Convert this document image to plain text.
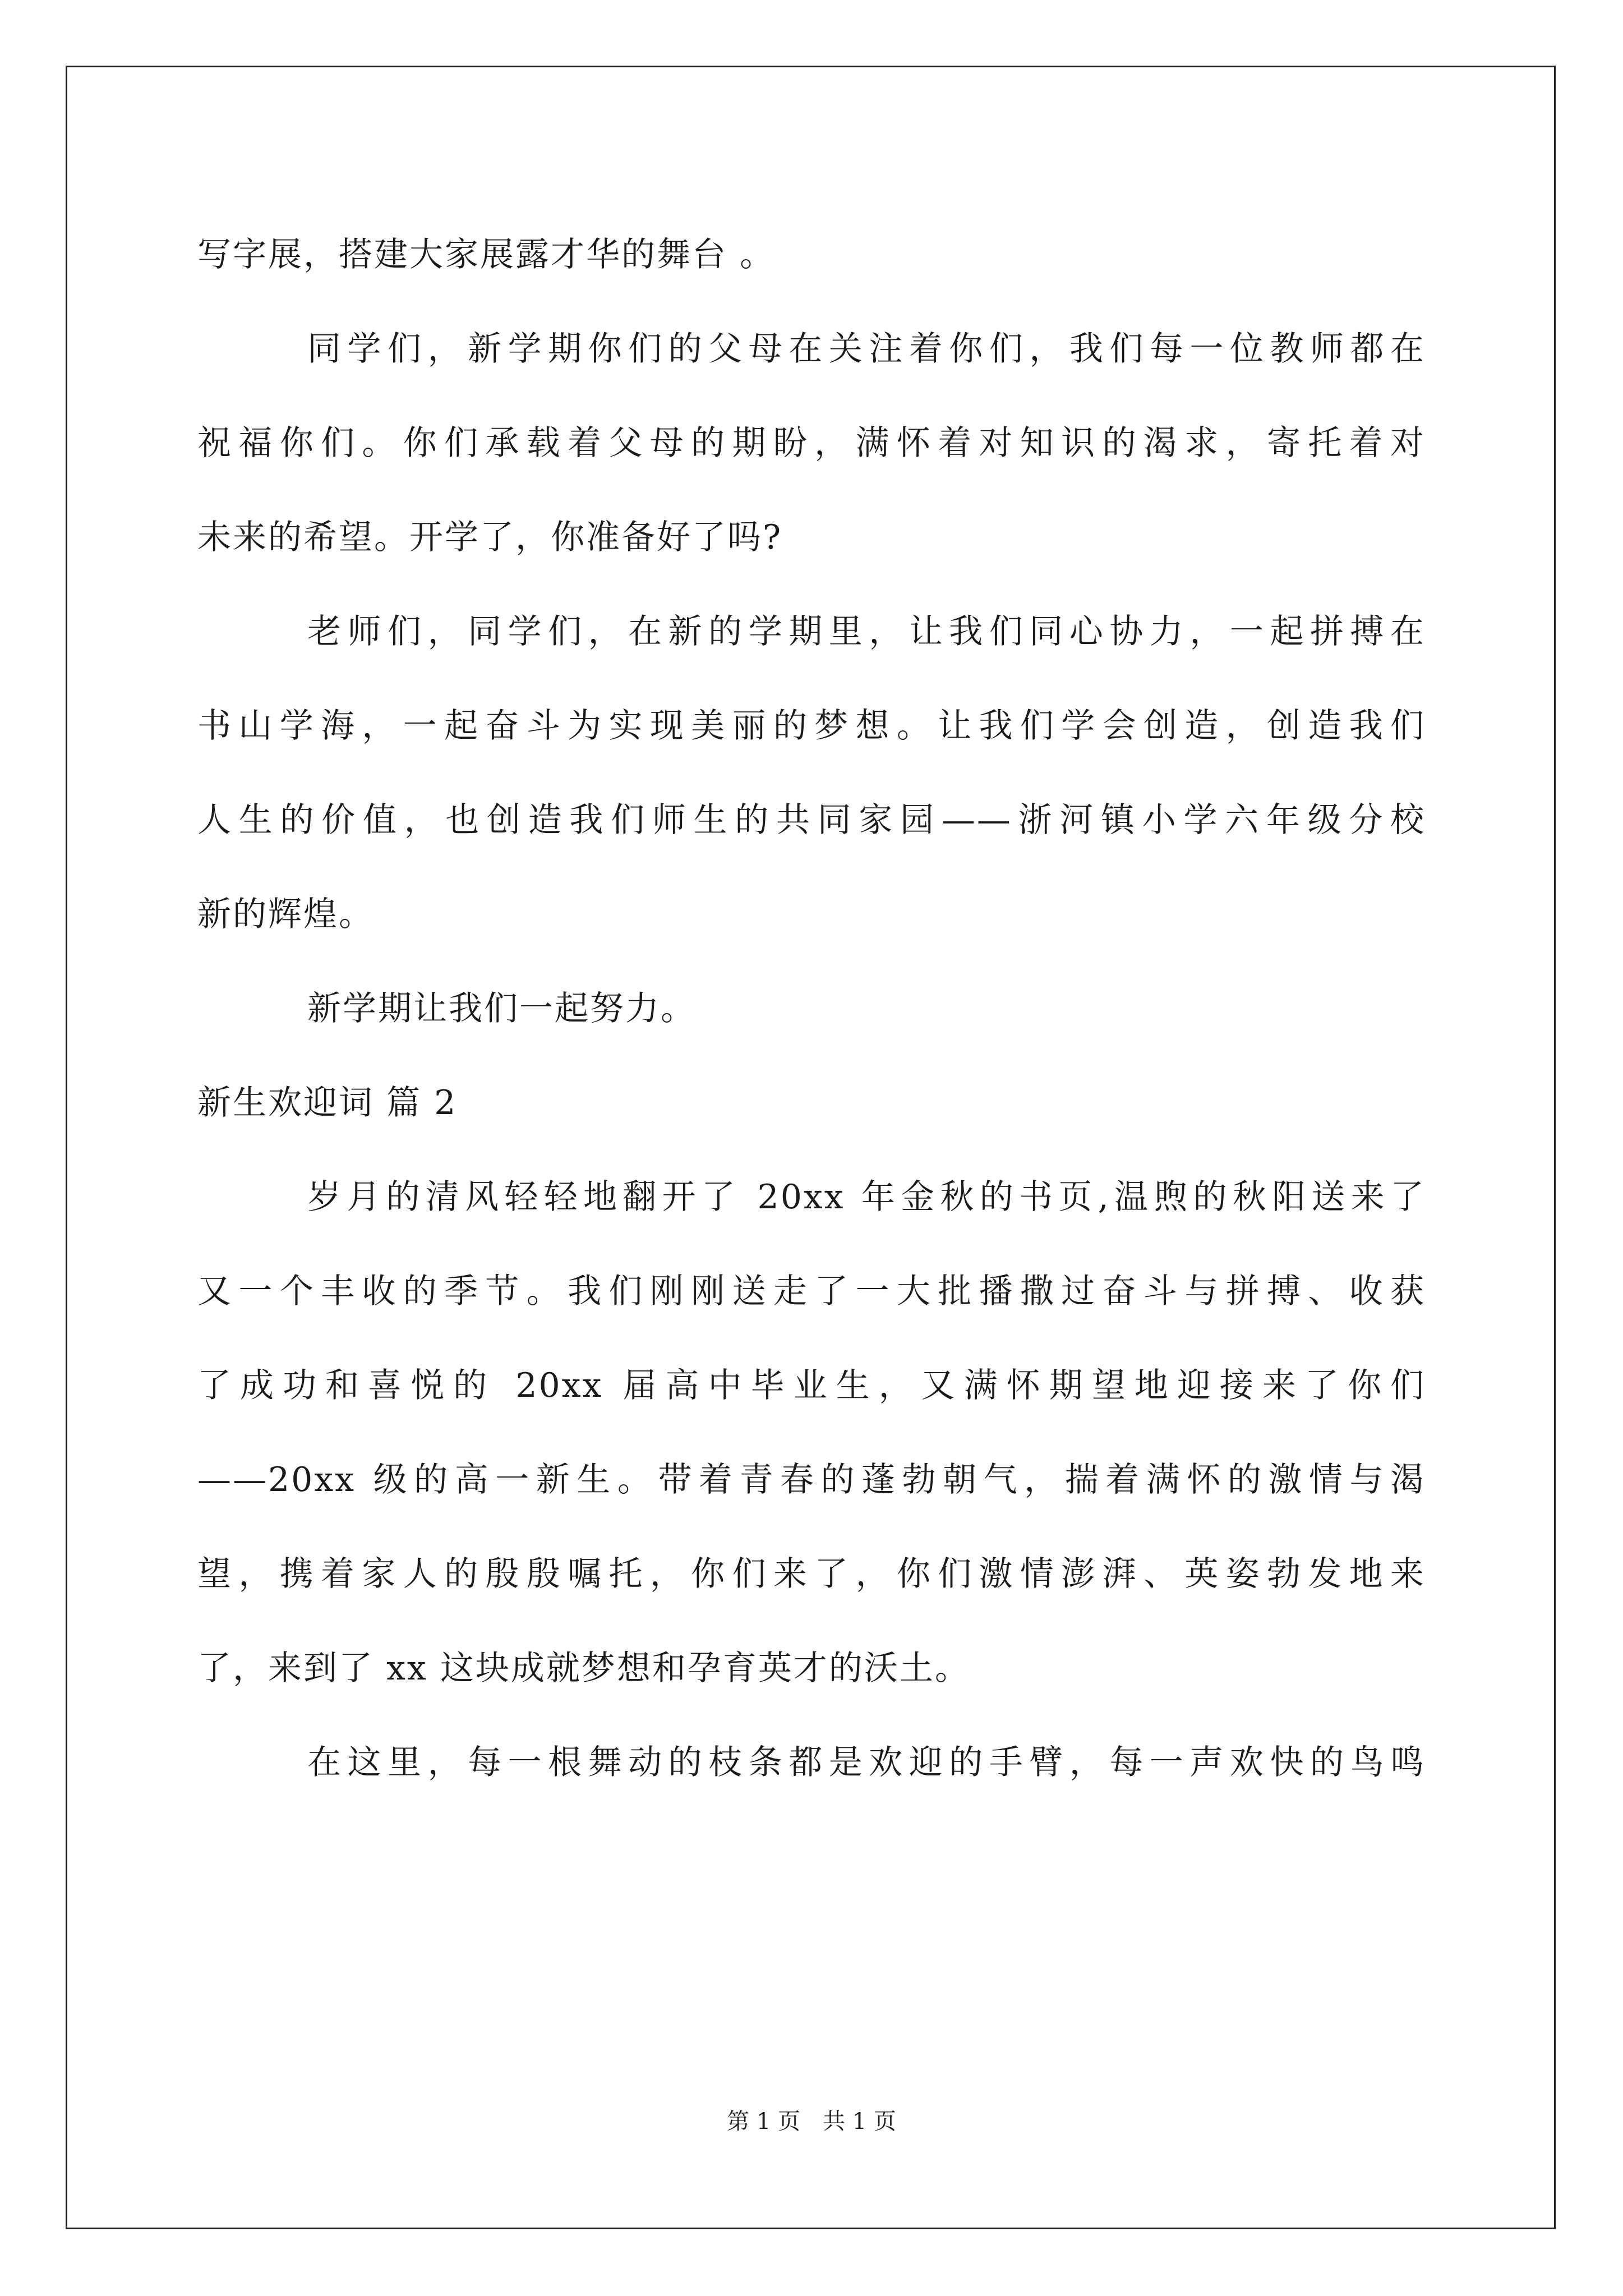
写字展，搭建大家展露才华的舞台 。
同学们，新学期你们的父母在关注着你们，我们每一位教师都在
祝福你们。你们承载着父母的期盼，满怀着对知识的渴求，寄托着对
未来的希望。开学了，你准备好了吗?
老师们，同学们，在新的学期里，让我们同心协力，一起拼搏在
书山学海，一起奋斗为实现美丽的梦想。让我们学会创造，创造我们
人生的价值，也创造我们师生的共同家园——浙河镇小学六年级分校
新的辉煌。
新学期让我们一起努力。
新生欢迎词 篇 2
岁月的清风轻轻地翻开了 20xx 年金秋的书页,温煦的秋阳送来了
又一个丰收的季节。我们刚刚送走了一大批播撒过奋斗与拼搏、收获
了成功和喜悦的 20xx 届高中毕业生，又满怀期望地迎接来了你们
——20xx 级的高一新生。带着青春的蓬勃朝气，揣着满怀的激情与渴
望，携着家人的殷殷嘱托，你们来了，你们激情澎湃、英姿勃发地来
了，来到了 xx 这块成就梦想和孕育英才的沃土。
在这里，每一根舞动的枝条都是欢迎的手臂，每一声欢快的鸟鸣
第 1 页 共 1 页
